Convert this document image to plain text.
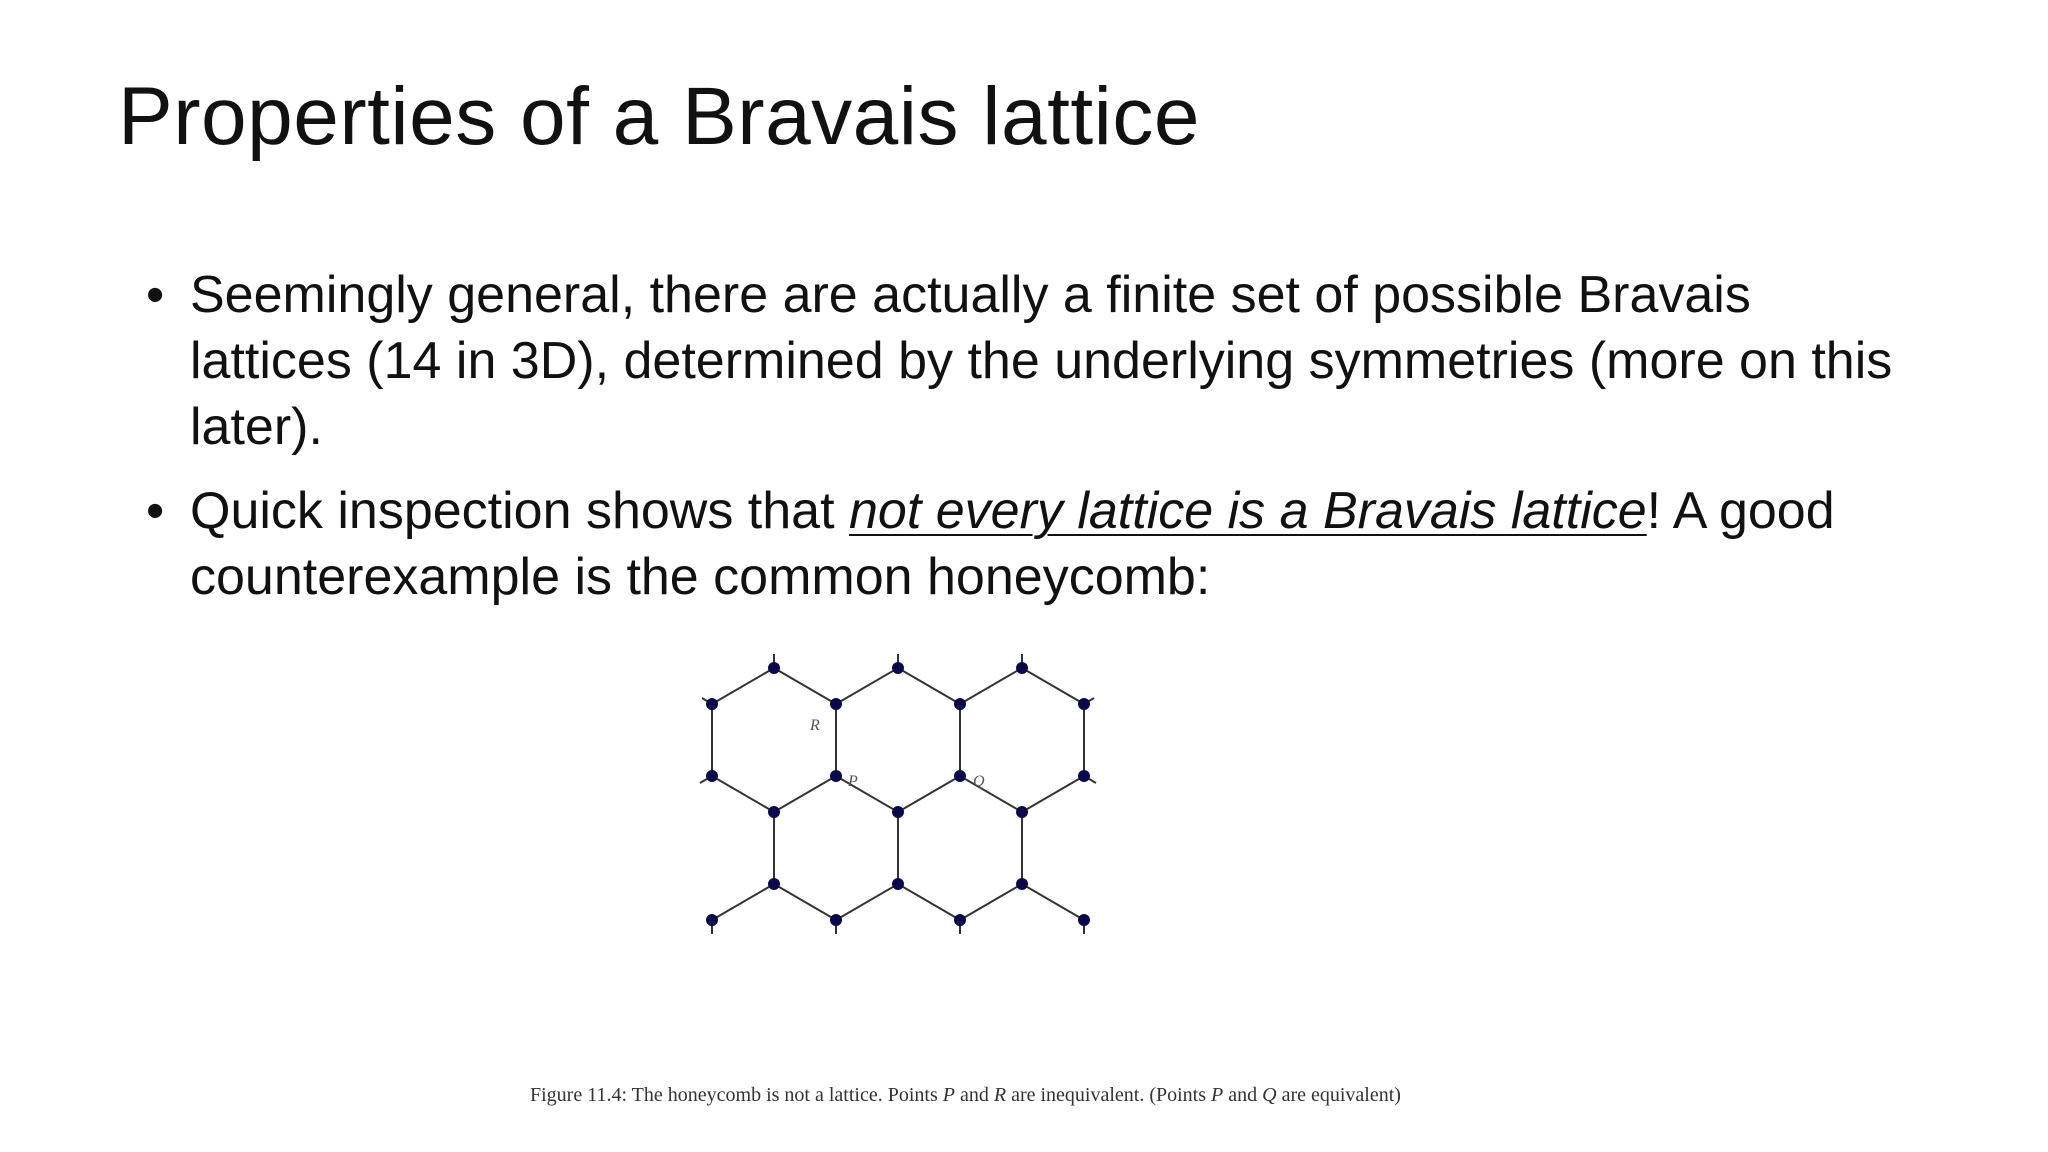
Properties of a Bravais lattice
• Seemingly general, there are actually a finite set of possible Bravais lattices (14 in 3D), determined by the underlying symmetries (more on this later).
• Quick inspection shows that not every lattice is a Bravais lattice! A good counterexample is the common honeycomb:
R
P	Q
Figure 11.4: The honeycomb is not a lattice. Points P and R are inequivalent. (Points P and Q are equivalent)
